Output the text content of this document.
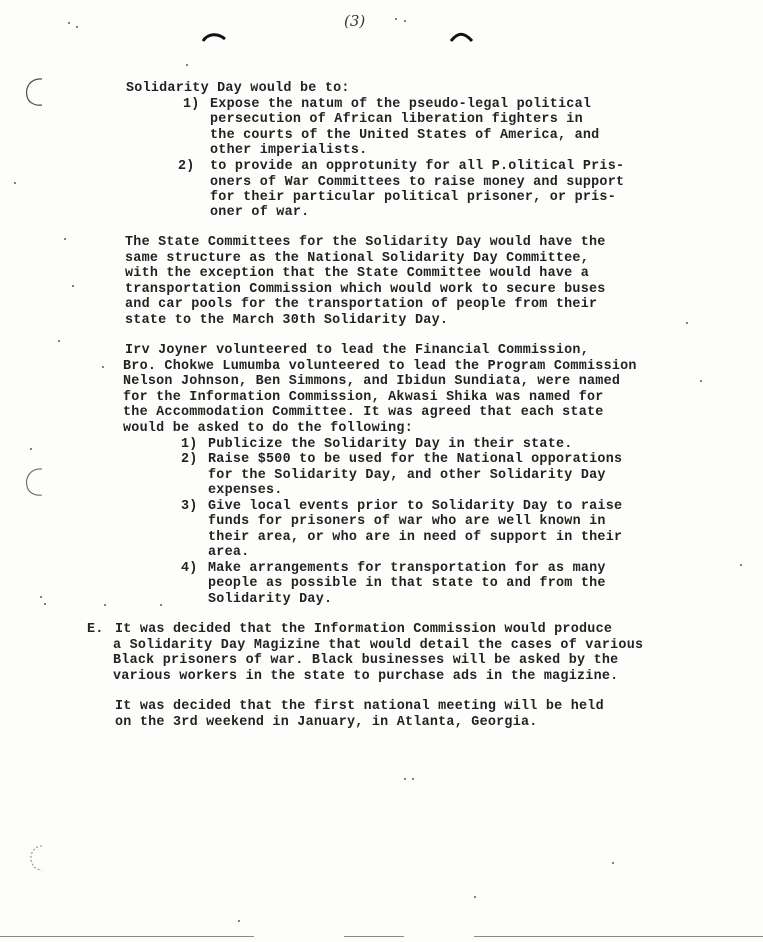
(3)
Solidarity Day would be to:
1) Expose the natum of the pseudo-legal political
persecution of African liberation fighters in
the courts of the United States of America, and
other imperialists.
2) to provide an opprotunity for all P.olitical Pris-
oners of War Committees to raise money and support
for their particular political prisoner, or pris-
oner of war.
The State Committees for the Solidarity Day would have the
same structure as the National Solidarity Day Committee,
with the exception that the State Committee would have a
transportation Commission which would work to secure buses
and car pools for the transportation of people from their
state to the March 30th Solidarity Day.
Irv Joyner volunteered to lead the Financial Commission,
Bro. Chokwe Lumumba volunteered to lead the Program Commission
Nelson Johnson, Ben Simmons, and Ibidun Sundiata, were named
for the Information Commission, Akwasi Shika was named for
the Accommodation Committee. It was agreed that each state
would be asked to do the following:
1) Publicize the Solidarity Day in their state.
2) Raise $500 to be used for the National opporations
for the Solidarity Day, and other Solidarity Day
expenses.
3) Give local events prior to Solidarity Day to raise
funds for prisoners of war who are well known in
their area, or who are in need of support in their
area.
4) Make arrangements for transportation for as many
people as possible in that state to and from the
Solidarity Day.
E. It was decided that the Information Commission would produce
a Solidarity Day Magizine that would detail the cases of various
Black prisoners of war. Black businesses will be asked by the
various workers in the state to purchase ads in the magizine.
It was decided that the first national meeting will be held
on the 3rd weekend in January, in Atlanta, Georgia.
